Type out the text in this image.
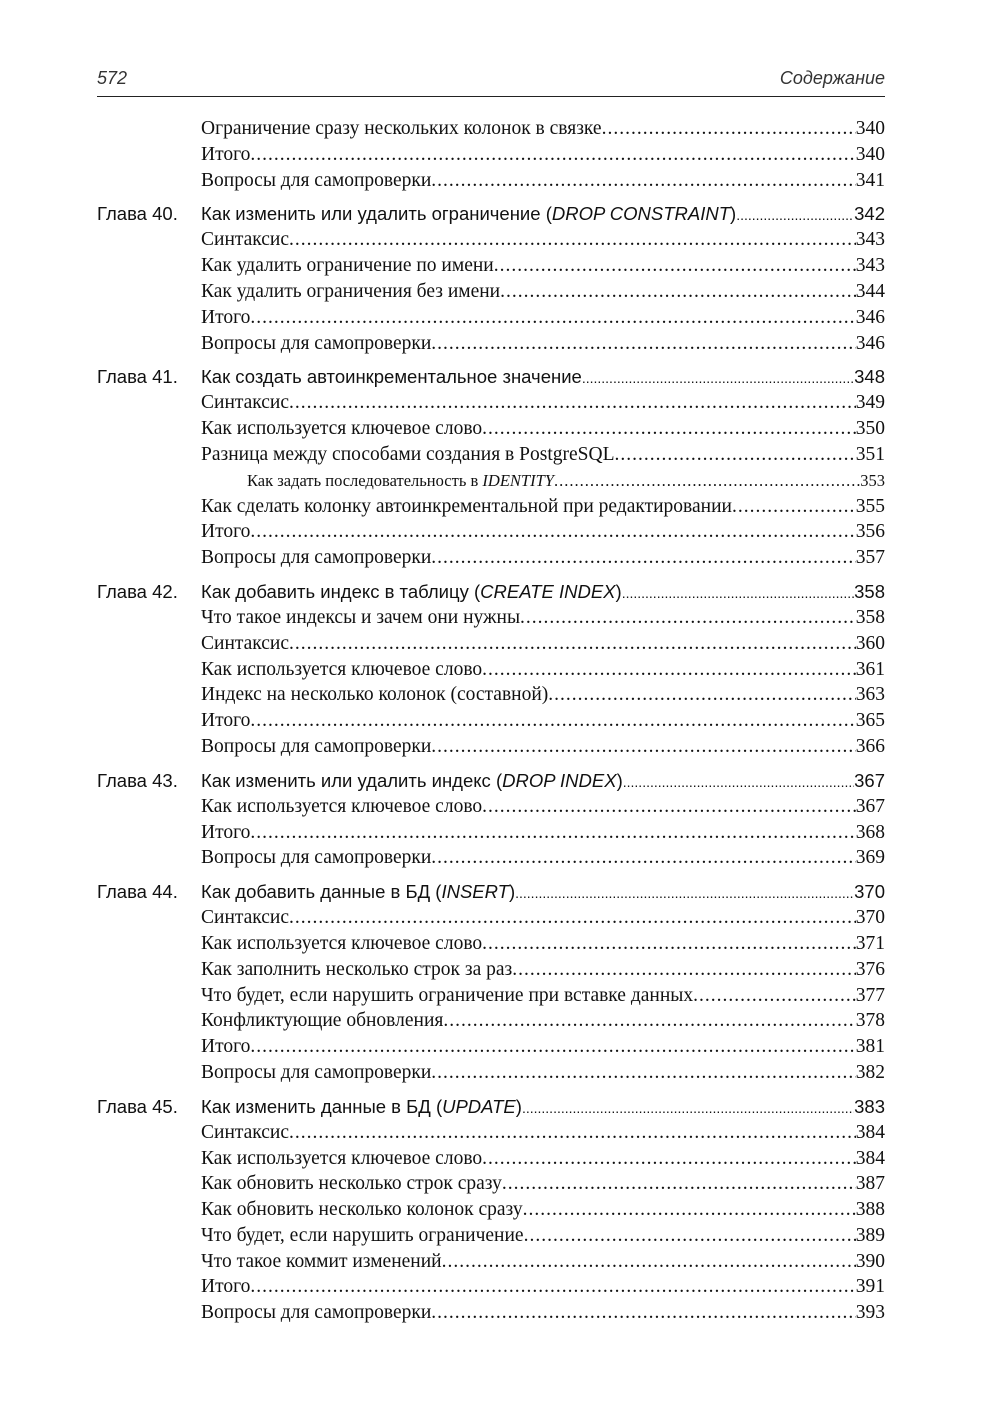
572	Содержание
Ограничение сразу нескольких колонок в связке .....	340
Итого .....	340
Вопросы для самопроверки .....	341
Глава 40.	Как изменить или удалить ограничение (DROP CONSTRAINT) .....	342
Синтаксис .....	343
Как удалить ограничение по имени .....	343
Как удалить ограничения без имени .....	344
Итого .....	346
Вопросы для самопроверки .....	346
Глава 41.	Как создать автоинкрементальное значение .....	348
Синтаксис .....	349
Как используется ключевое слово .....	350
Разница между способами создания в PostgreSQL .....	351
Как задать последовательность в IDENTITY .....	353
Как сделать колонку автоинкрементальной при редактировании .....	355
Итого .....	356
Вопросы для самопроверки .....	357
Глава 42.	Как добавить индекс в таблицу (CREATE INDEX) .....	358
Что такое индексы и зачем они нужны .....	358
Синтаксис .....	360
Как используется ключевое слово .....	361
Индекс на несколько колонок (составной) .....	363
Итого .....	365
Вопросы для самопроверки .....	366
Глава 43.	Как изменить или удалить индекс (DROP INDEX) .....	367
Как используется ключевое слово .....	367
Итого .....	368
Вопросы для самопроверки .....	369
Глава 44.	Как добавить данные в БД (INSERT) .....	370
Синтаксис .....	370
Как используется ключевое слово .....	371
Как заполнить несколько строк за раз .....	376
Что будет, если нарушить ограничение при вставке данных .....	377
Конфликтующие обновления .....	378
Итого .....	381
Вопросы для самопроверки .....	382
Глава 45.	Как изменить данные в БД (UPDATE) .....	383
Синтаксис .....	384
Как используется ключевое слово .....	384
Как обновить несколько строк сразу .....	387
Как обновить несколько колонок сразу .....	388
Что будет, если нарушить ограничение .....	389
Что такое коммит изменений .....	390
Итого .....	391
Вопросы для самопроверки .....	393
